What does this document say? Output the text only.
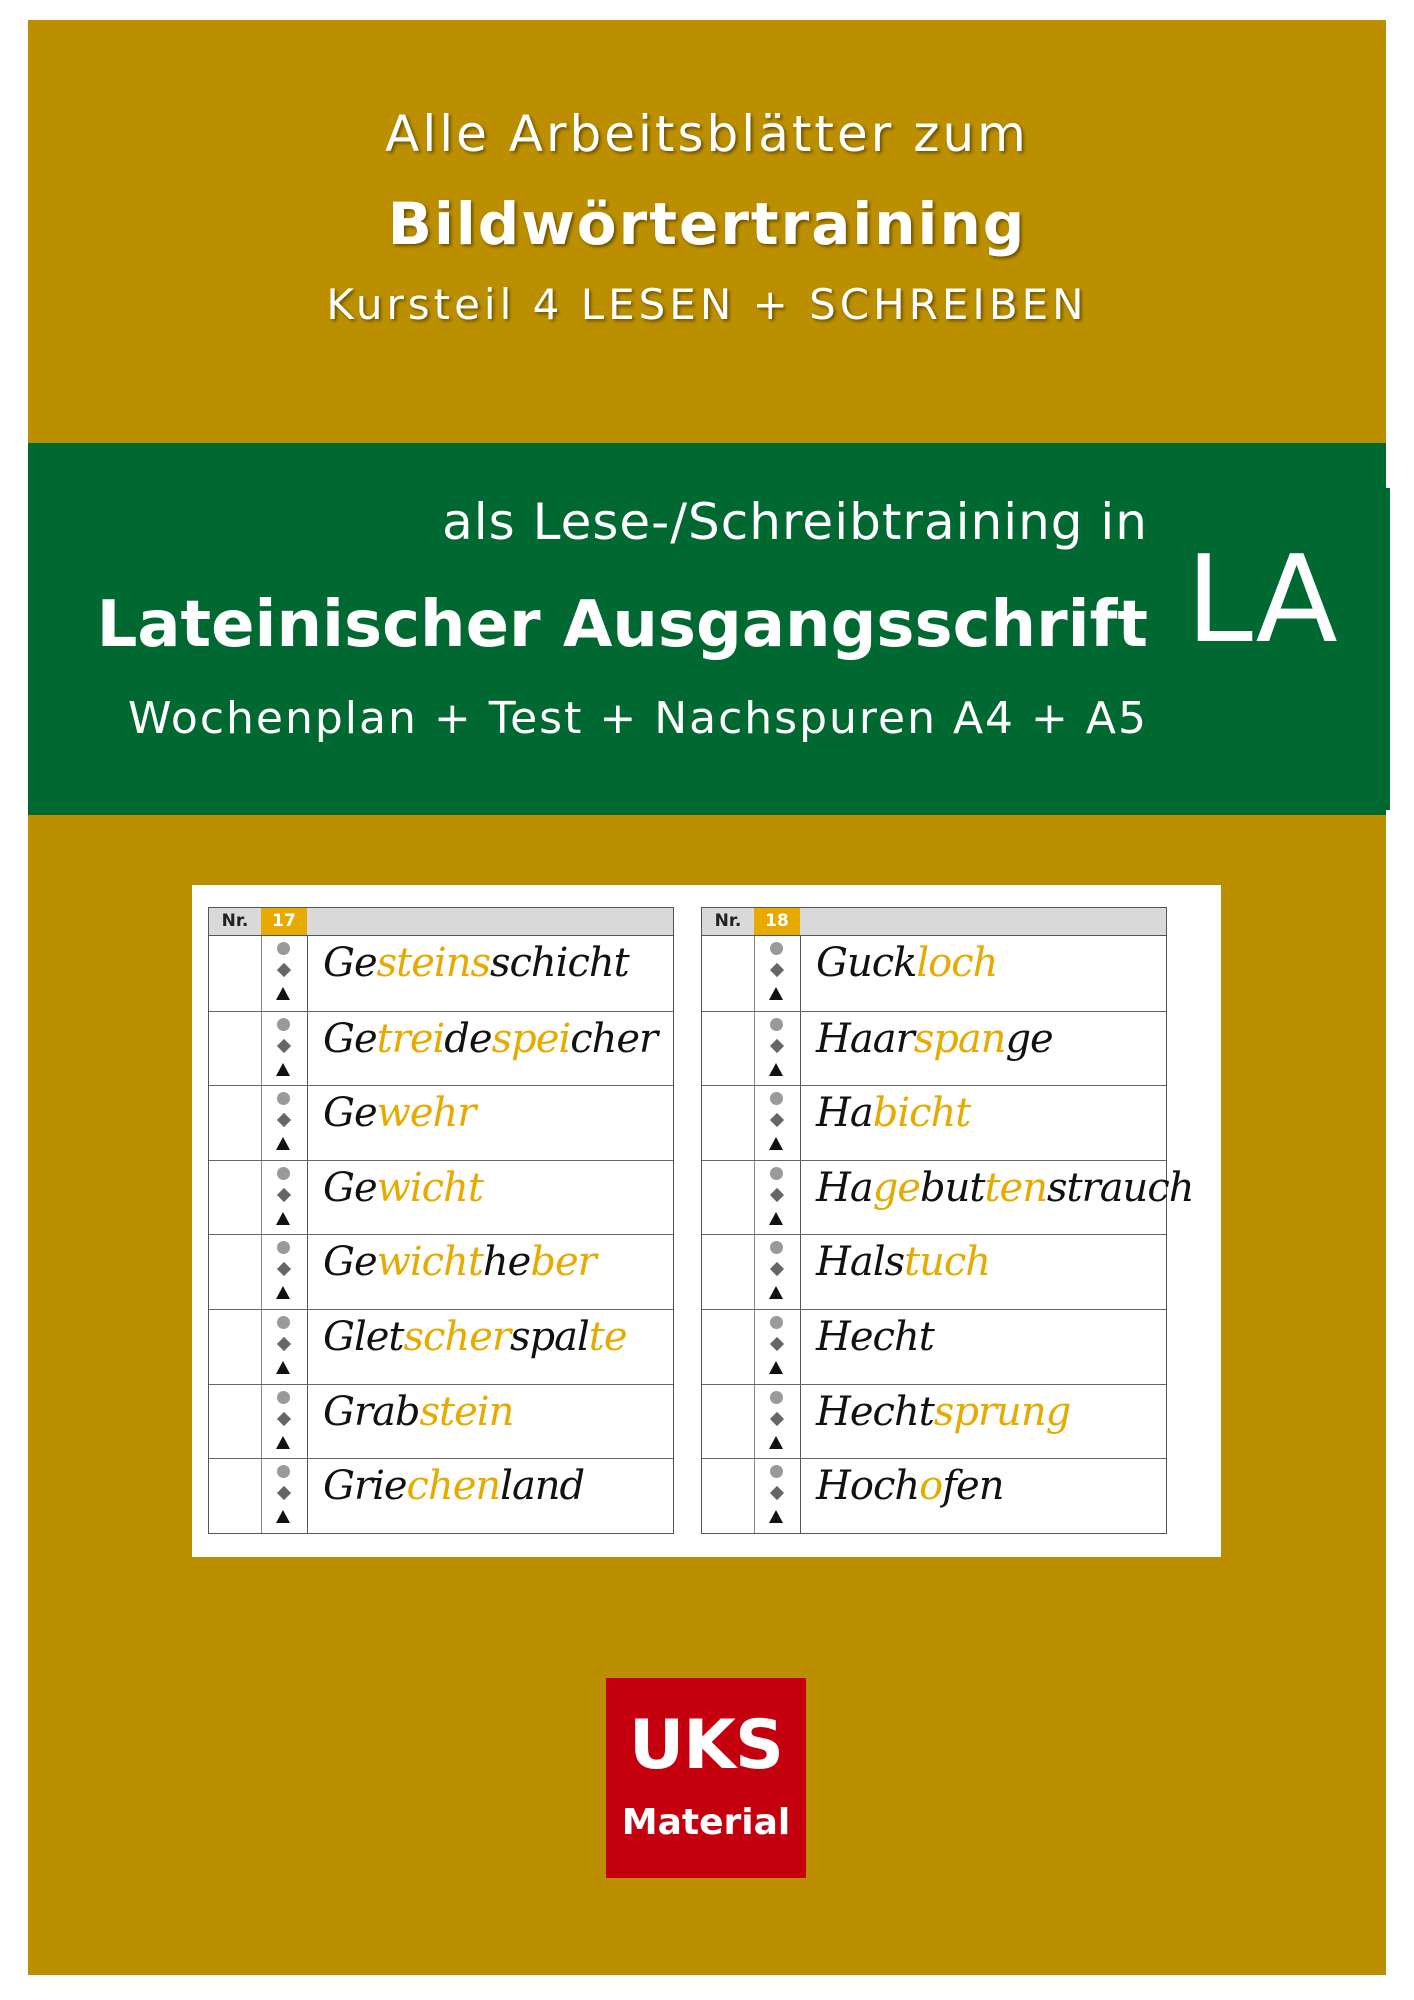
Alle Arbeitsblätter zum
Bildwörtertraining
Kursteil 4 LESEN + SCHREIBEN
als Lese-/Schreibtraining in
Lateinischer Ausgangsschrift
Wochenplan + Test + Nachspuren A4 + A5
LA
Nr.	17
Gesteinsschicht
Getreidespeicher
Gewehr
Gewicht
Gewichtheber
Gletscherspalte
Grabstein
Griechenland
Nr.	18
Guckloch
Haarspange
Habicht
Hagebuttenstrauch
Halstuch
Hecht
Hechtsprung
Hochofen
UKS
Material
